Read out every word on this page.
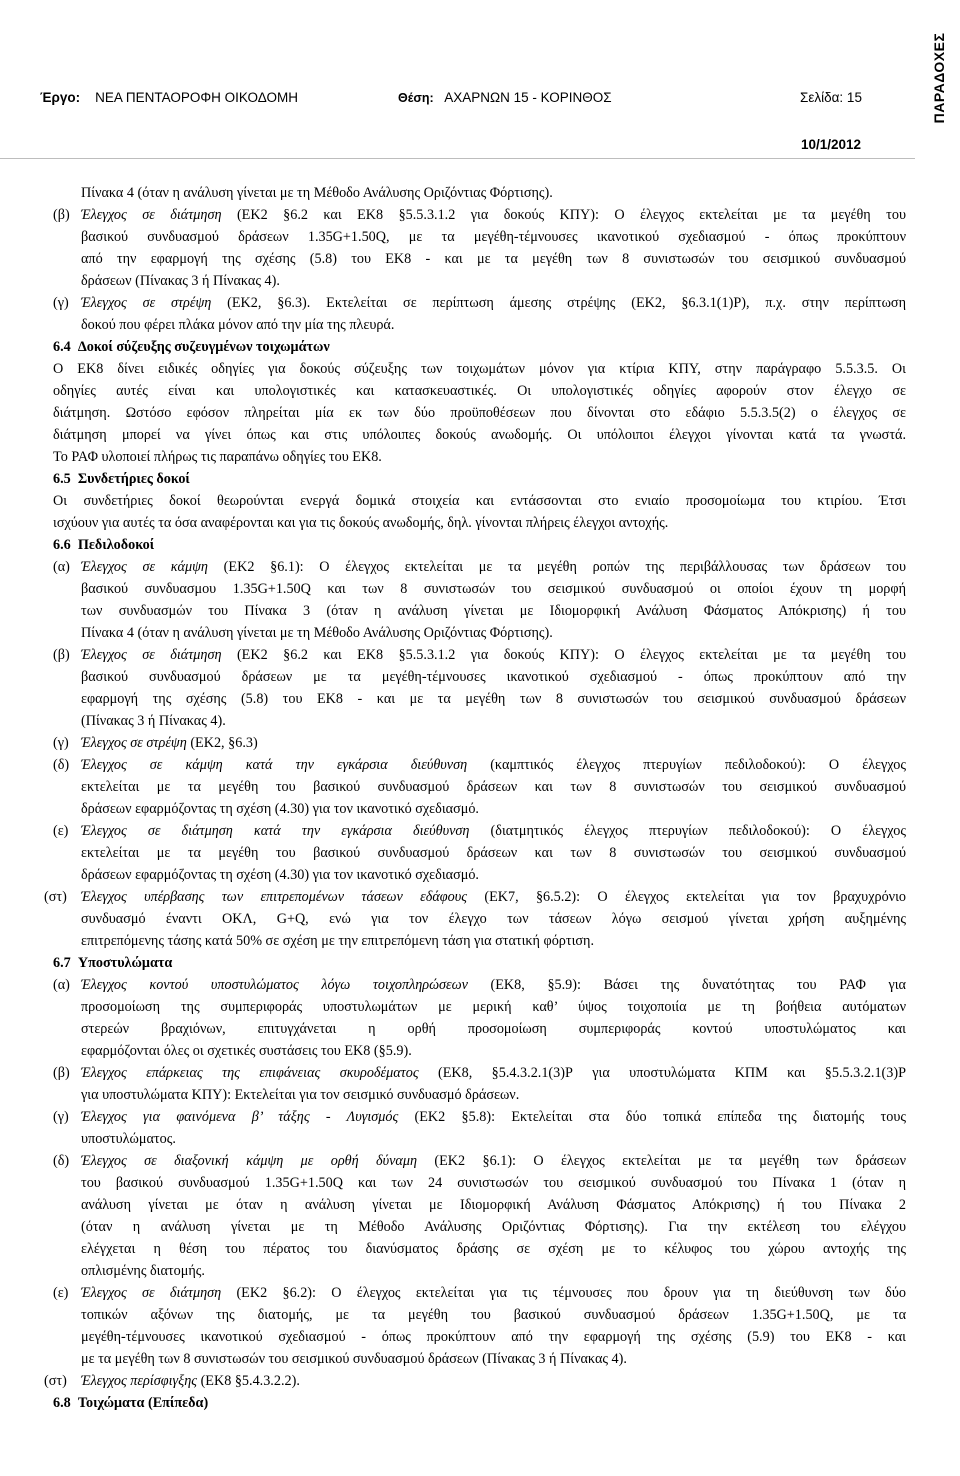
Έργο: ΝΕΑ ΠΕΝΤΑΟΡΟΦΗ ΟΙΚΟΔΟΜΗ	Θέση: ΑΧΑΡΝΩΝ 15 - ΚΟΡΙΝΘΟΣ	Σελίδα: 15
10/1/2012
ΠΑΡΑΔΟΧΕΣ
Πίνακα 4 (όταν η ανάλυση γίνεται με τη Μέθοδο Ανάλυσης Οριζόντιας Φόρτισης).
(β) Έλεγχος σε διάτμηση (ΕΚ2 §6.2 και ΕΚ8 §5.5.3.1.2 για δοκούς ΚΠΥ): Ο έλεγχος εκτελείται με τα μεγέθη του
βασικού συνδυασμού δράσεων 1.35G+1.50Q, με τα μεγέθη-τέμνουσες ικανοτικού σχεδιασμού - όπως προκύπτουν
από την εφαρμογή της σχέσης (5.8) του ΕΚ8 - και με τα μεγέθη των 8 συνιστωσών του σεισμικού συνδυασμού
δράσεων (Πίνακας 3 ή Πίνακας 4).
(γ) Έλεγχος σε στρέψη (ΕΚ2, §6.3). Εκτελείται σε περίπτωση άμεσης στρέψης (ΕΚ2, §6.3.1(1)Ρ), π.χ. στην περίπτωση
δοκού που φέρει πλάκα μόνον από την μία της πλευρά.
6.4 Δοκοί σύζευξης συζευγμένων τοιχωμάτων
Ο ΕΚ8 δίνει ειδικές οδηγίες για δοκούς σύζευξης των τοιχωμάτων μόνον για κτίρια ΚΠΥ, στην παράγραφο 5.5.3.5. Οι
οδηγίες αυτές είναι και υπολογιστικές και κατασκευαστικές. Οι υπολογιστικές οδηγίες αφορούν στον έλεγχο σε
διάτμηση. Ωστόσο εφόσον πληρείται μία εκ των δύο προϋποθέσεων που δίνονται στο εδάφιο 5.5.3.5(2) ο έλεγχος σε
διάτμηση μπορεί να γίνει όπως και στις υπόλοιπες δοκούς ανωδομής. Οι υπόλοιποι έλεγχοι γίνονται κατά τα γνωστά.
Το ΡΑΦ υλοποιεί πλήρως τις παραπάνω οδηγίες του ΕΚ8.
6.5 Συνδετήριες δοκοί
Οι συνδετήριες δοκοί θεωρούνται ενεργά δομικά στοιχεία και εντάσσονται στο ενιαίο προσομοίωμα του κτιρίου. Έτσι
ισχύουν για αυτές τα όσα αναφέρονται και για τις δοκούς ανωδομής, δηλ. γίνονται πλήρεις έλεγχοι αντοχής.
6.6 Πεδιλοδοκοί
(α) Έλεγχος σε κάμψη (ΕΚ2 §6.1): Ο έλεγχος εκτελείται με τα μεγέθη ροπών της περιβάλλουσας των δράσεων του
βασικού συνδυασμου 1.35G+1.50Q και των 8 συνιστωσών του σεισμικού συνδυασμού οι οποίοι έχουν τη μορφή
των συνδυασμών του Πίνακα 3 (όταν η ανάλυση γίνεται με Ιδιομορφική Ανάλυση Φάσματος Απόκρισης) ή του
Πίνακα 4 (όταν η ανάλυση γίνεται με τη Μέθοδο Ανάλυσης Οριζόντιας Φόρτισης).
(β) Έλεγχος σε διάτμηση (ΕΚ2 §6.2 και ΕΚ8 §5.5.3.1.2 για δοκούς ΚΠΥ): Ο έλεγχος εκτελείται με τα μεγέθη του
βασικού συνδυασμού δράσεων με τα μεγέθη-τέμνουσες ικανοτικού σχεδιασμού - όπως προκύπτουν από την
εφαρμογή της σχέσης (5.8) του ΕΚ8 - και με τα μεγέθη των 8 συνιστωσών του σεισμικού συνδυασμού δράσεων
(Πίνακας 3 ή Πίνακας 4).
(γ) Έλεγχος σε στρέψη (ΕΚ2, §6.3)
(δ) Έλεγχος σε κάμψη κατά την εγκάρσια διεύθυνση (καμπτικός έλεγχος πτερυγίων πεδιλοδοκού): Ο έλεγχος
εκτελείται με τα μεγέθη του βασικού συνδυασμού δράσεων και των 8 συνιστωσών του σεισμικού συνδυασμού
δράσεων εφαρμόζοντας τη σχέση (4.30) για τον ικανοτικό σχεδιασμό.
(ε) Έλεγχος σε διάτμηση κατά την εγκάρσια διεύθυνση (διατμητικός έλεγχος πτερυγίων πεδιλοδοκού): Ο έλεγχος
εκτελείται με τα μεγέθη του βασικού συνδυασμού δράσεων και των 8 συνιστωσών του σεισμικού συνδυασμού
δράσεων εφαρμόζοντας τη σχέση (4.30) για τον ικανοτικό σχεδιασμό.
(στ) Έλεγχος υπέρβασης των επιτρεπομένων τάσεων εδάφους (ΕΚ7, §6.5.2): Ο έλεγχος εκτελείται για τον βραχυχρόνιο
συνδυασμό έναντι ΟΚΛ, G+Q, ενώ για τον έλεγχο των τάσεων λόγω σεισμού γίνεται χρήση αυξημένης
επιτρεπόμενης τάσης κατά 50% σε σχέση με την επιτρεπόμενη τάση για στατική φόρτιση.
6.7 Υποστυλώματα
(α) Έλεγχος κοντού υποστυλώματος λόγω τοιχοπληρώσεων (ΕΚ8, §5.9): Βάσει της δυνατότητας του ΡΑΦ για
προσομοίωση της συμπεριφοράς υποστυλωμάτων με μερική καθ’ ύψος τοιχοποιία με τη βοήθεια αυτόματων
στερεών βραχιόνων, επιτυγχάνεται η ορθή προσομοίωση συμπεριφοράς κοντού υποστυλώματος και
εφαρμόζονται όλες οι σχετικές συστάσεις του ΕΚ8 (§5.9).
(β) Έλεγχος επάρκειας της επιφάνειας σκυροδέματος (ΕΚ8, §5.4.3.2.1(3)Ρ για υποστυλώματα ΚΠΜ και §5.5.3.2.1(3)Ρ
για υποστυλώματα ΚΠΥ): Εκτελείται για τον σεισμικό συνδυασμό δράσεων.
(γ) Έλεγχος για φαινόμενα β’ τάξης - Λυγισμός (ΕΚ2 §5.8): Εκτελείται στα δύο τοπικά επίπεδα της διατομής τους
υποστυλώματος.
(δ) Έλεγχος σε διαξονική κάμψη με ορθή δύναμη (ΕΚ2 §6.1): Ο έλεγχος εκτελείται με τα μεγέθη των δράσεων
του βασικού συνδυασμού 1.35G+1.50Q και των 24 συνιστωσών του σεισμικού συνδυασμού του Πίνακα 1 (όταν η
ανάλυση γίνεται με όταν η ανάλυση γίνεται με Ιδιομορφική Ανάλυση Φάσματος Απόκρισης) ή του Πίνακα 2
(όταν η ανάλυση γίνεται με τη Μέθοδο Ανάλυσης Οριζόντιας Φόρτισης). Για την εκτέλεση του ελέγχου
ελέγχεται η θέση του πέρατος του διανύσματος δράσης σε σχέση με το κέλυφος του χώρου αντοχής της
οπλισμένης διατομής.
(ε) Έλεγχος σε διάτμηση (ΕΚ2 §6.2): Ο έλεγχος εκτελείται για τις τέμνουσες που δρουν για τη διεύθυνση των δύο
τοπικών αξόνων της διατομής, με τα μεγέθη του βασικού συνδυασμού δράσεων 1.35G+1.50Q, με τα
μεγέθη-τέμνουσες ικανοτικού σχεδιασμού - όπως προκύπτουν από την εφαρμογή της σχέσης (5.9) του ΕΚ8 - και
με τα μεγέθη των 8 συνιστωσών του σεισμικού συνδυασμού δράσεων (Πίνακας 3 ή Πίνακας 4).
(στ) Έλεγχος περίσφιγξης (ΕΚ8 §5.4.3.2.2).
6.8 Τοιχώματα (Επίπεδα)
